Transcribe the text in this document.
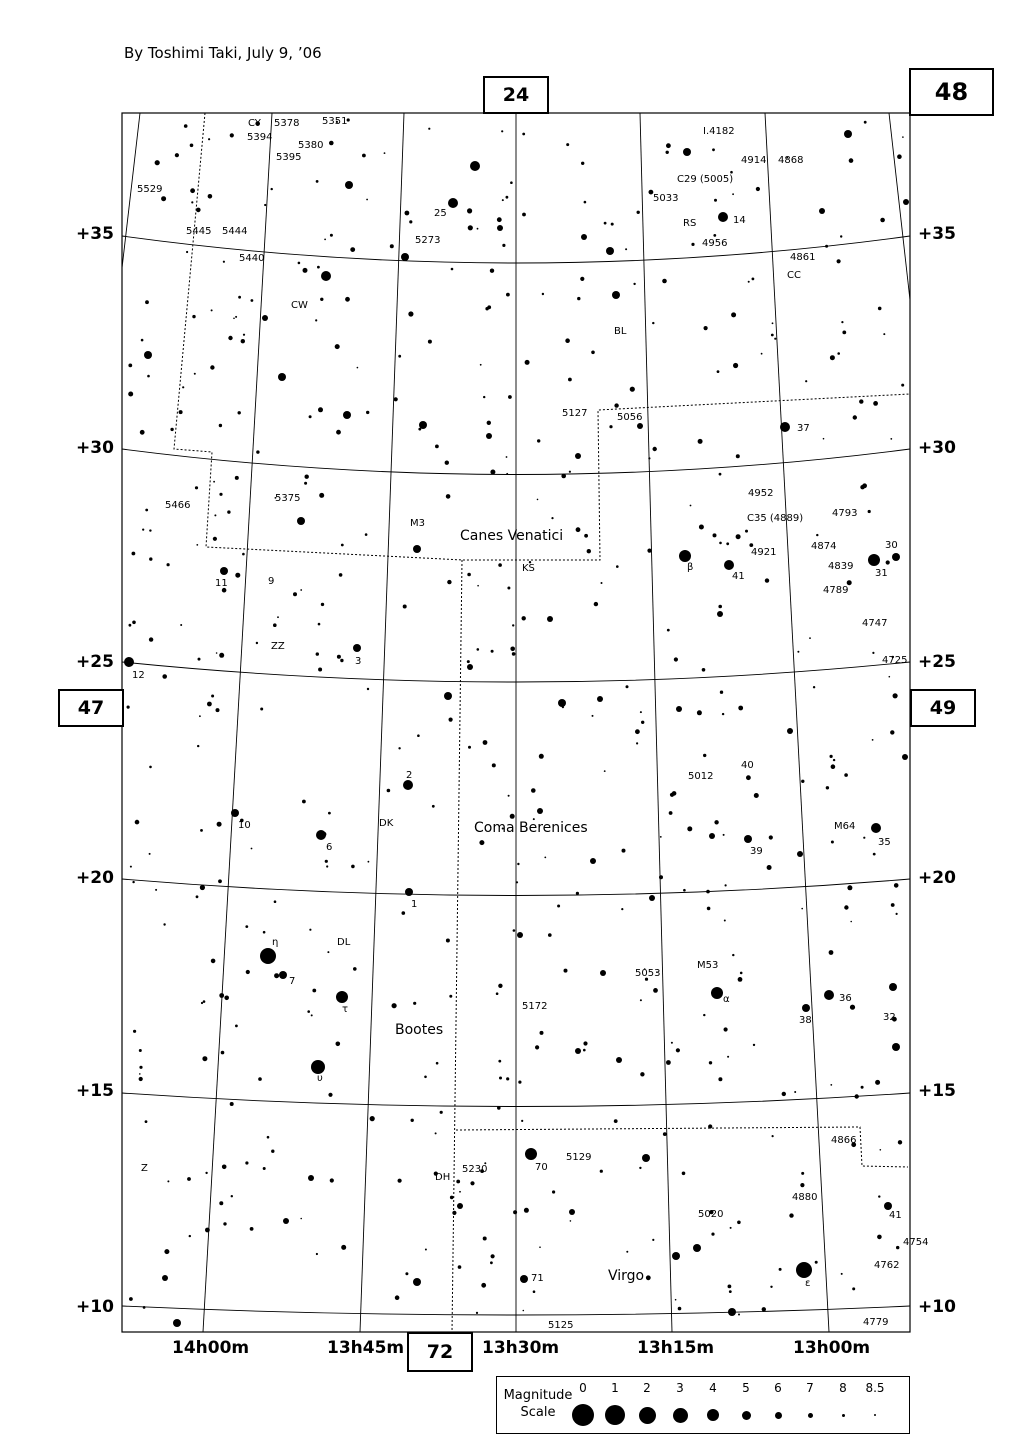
By Toshimi Taki, July 9, ’06
24	48
47	49
72
+35
+30
+25
+20
+15
+10
+35
+30
+25
+20
+15
+10
14h00m	13h45m	13h30m	13h15m	13h00m
Canes Venatici
Coma Berenices
Bootes
Virgo
5378 5351
5394
5380
5395
I.4182
4914 4868
5529
C29 (5005)
5033
RS	14
25
5273	4956
5445 5444
5440	4861
CC
CW
BL
5127	5056
37
5466
5375	4952
4793
M3	C35 (4889)
4874
4921
4839
4789
KS
41
β
31
30
11	9
4747
ZZ
4725
3
12
5012
40
2
DK
10
6
M64
35
39
1
η	DL
7
M53
5053
α	36
τ	5172
38	32
υ
4866
Z
DH
5230	70
5129
4880
5020	41
4754
4762
71	ε
5125	4779
CY
Magnitude
Scale
0	1	2	3	4	5	6	7	8	8.5
